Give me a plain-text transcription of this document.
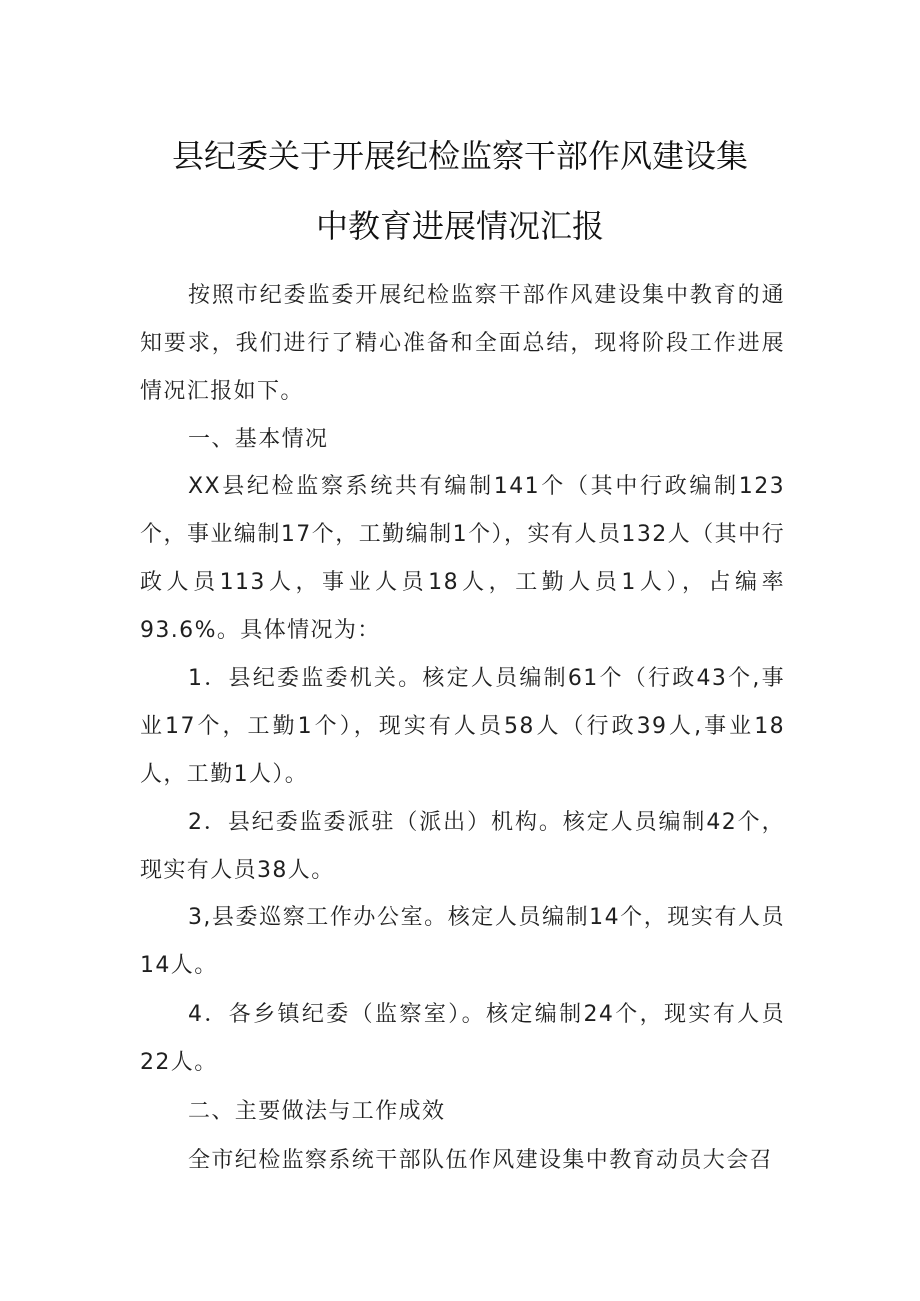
县纪委关于开展纪检监察干部作风建设集
中教育进展情况汇报
按照市纪委监委开展纪检监察干部作风建设集中教育的通知要求，我们进行了精心准备和全面总结，现将阶段工作进展情况汇报如下。
一、基本情况
XX县纪检监察系统共有编制141个（其中行政编制123个，事业编制17个，工勤编制1个），实有人员132人（其中行政人员113人，事业人员18人，工勤人员1人），占编率93.6%。具体情况为：
1．县纪委监委机关。核定人员编制61个（行政43个,事业17个，工勤1个），现实有人员58人（行政39人,事业18人，工勤1人）。
2．县纪委监委派驻（派出）机构。核定人员编制42个，现实有人员38人。
3,县委巡察工作办公室。核定人员编制14个，现实有人员14人。
4．各乡镇纪委（监察室）。核定编制24个，现实有人员22人。
二、主要做法与工作成效
全市纪检监察系统干部队伍作风建设集中教育动员大会召
